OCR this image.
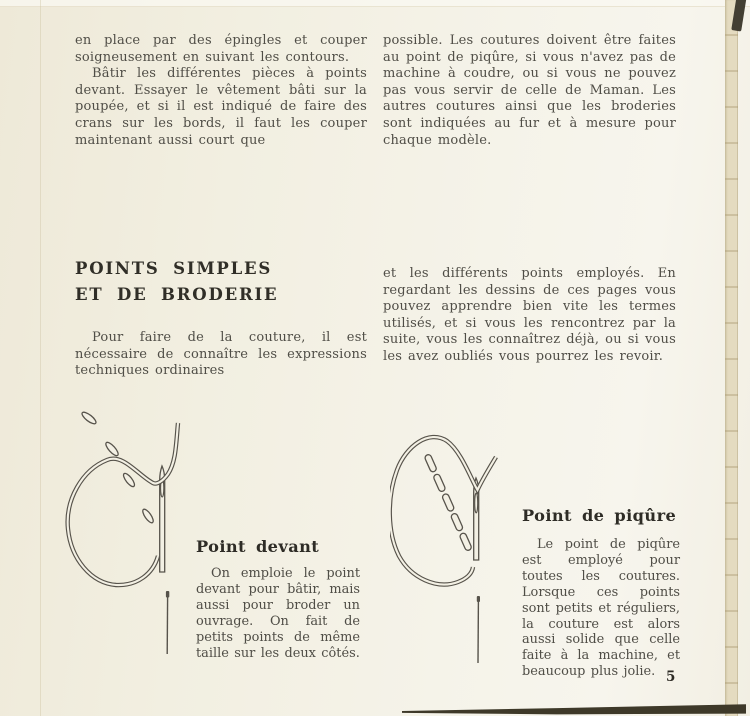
en place par des épingles et couper soigneusement en suivant les contours.

Bâtir les différentes pièces à points devant. Essayer le vêtement bâti sur la poupée, et si il est indiqué de faire des crans sur les bords, il faut les couper maintenant aussi court que

possible. Les coutures doivent être faites au point de piqûre, si vous n'avez pas de machine à coudre, ou si vous ne pouvez pas vous servir de celle de Maman. Les autres coutures ainsi que les broderies sont indiquées au fur et à mesure pour chaque modèle.

POINTS SIMPLES
ET DE BRODERIE

Pour faire de la couture, il est nécessaire de connaître les expressions techniques ordinaires

et les différents points employés. En regardant les dessins de ces pages vous pouvez apprendre bien vite les termes utilisés, et si vous les rencontrez par la suite, vous les connaîtrez déjà, ou si vous les avez oubliés vous pourrez les revoir.

Point devant

On emploie le point devant pour bâtir, mais aussi pour broder un ouvrage. On fait de petits points de même taille sur les deux côtés.

Point de piqûre

Le point de piqûre est employé pour toutes les coutures. Lorsque ces points sont petits et réguliers, la couture est alors aussi solide que celle faite à la machine, et beaucoup plus jolie. 5
